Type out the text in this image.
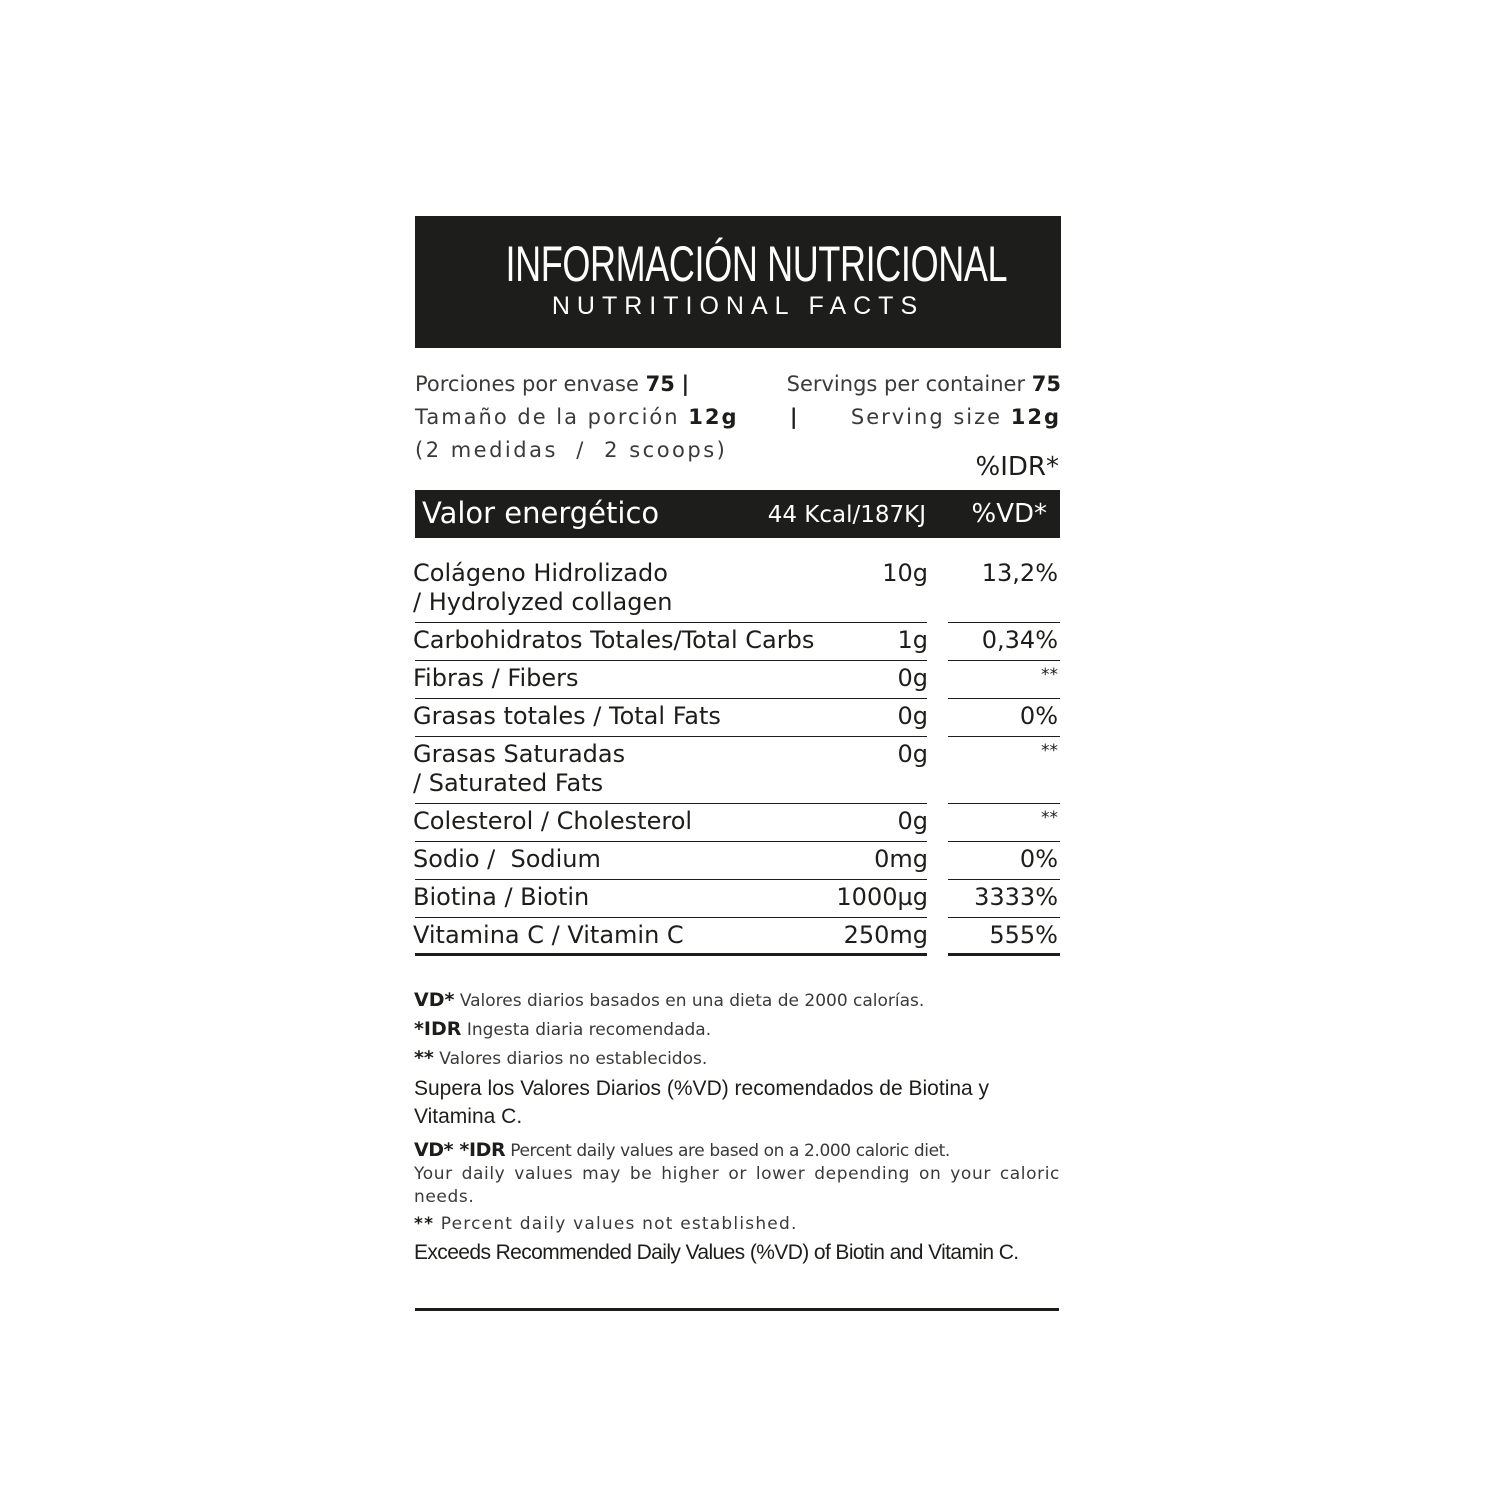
INFORMACIÓN NUTRICIONAL
NUTRITIONAL FACTS
Porciones por envase 75 |	Servings per container 75
Tamaño de la porción 12g | Serving size 12g
(2 medidas  /  2 scoops)
%IDR*
Valor energético	44 Kcal/187KJ %VD*
Colágeno Hidrolizado
/ Hydrolyzed collagen
10g 13,2%
Carbohidratos Totales/Total Carbs	1g 0,34%
Fibras / Fibers	0g	**
Grasas totales / Total Fats	0g	0%
Grasas Saturadas
/ Saturated Fats
0g	**
Colesterol / Cholesterol	0g	**
Sodio /  Sodium	0mg	0%
Biotina / Biotin	1000µg 3333%
Vitamina C / Vitamin C	250mg	555%
VD* Valores diarios basados en una dieta de 2000 calorías.
*IDR Ingesta diaria recomendada.
** Valores diarios no establecidos.
Supera los Valores Diarios (%VD) recomendados de Biotina y Vitamina C.
VD* *IDR Percent daily values are based on a 2.000 caloric diet.
Your daily values may be higher or lower depending on your caloric needs.
** Percent daily values not established.
Exceeds Recommended Daily Values (%VD) of Biotin and Vitamin C.
